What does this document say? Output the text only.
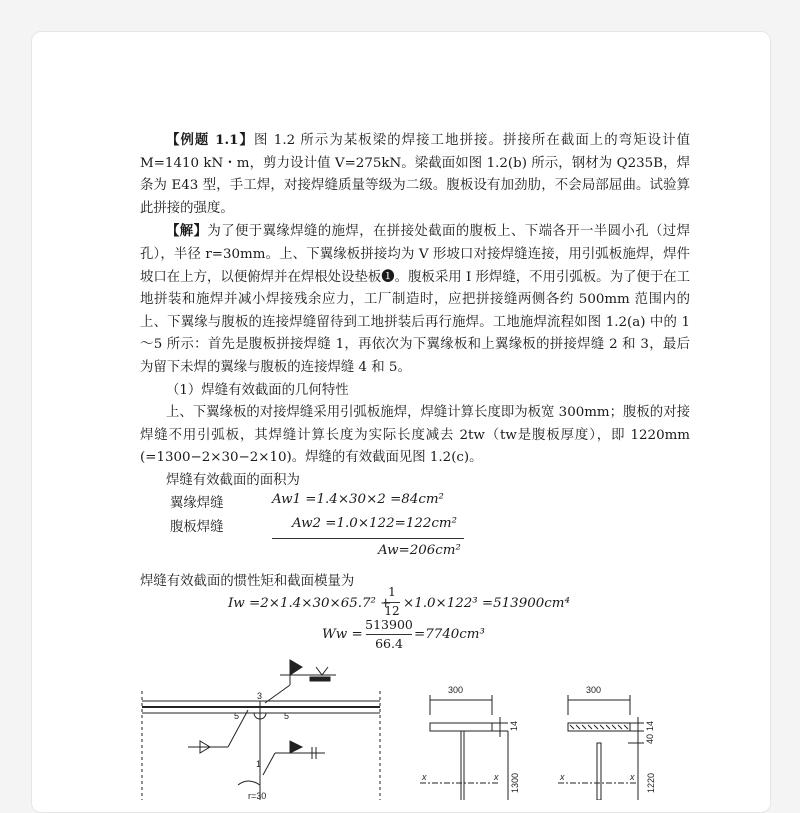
【例题 1.1】图 1.2 所示为某板梁的焊接工地拼接。拼接所在截面上的弯矩设计值 M=1410 kN・m，剪力设计值 V=275kN。梁截面如图 1.2(b) 所示，钢材为 Q235B，焊条为 E43 型，手工焊，对接焊缝质量等级为二级。腹板设有加劲肋，不会局部屈曲。试验算此拼接的强度。

【解】为了便于翼缘焊缝的施焊，在拼接处截面的腹板上、下端各开一半圆小孔（过焊孔），半径 r=30mm。上、下翼缘板拼接均为 V 形坡口对接焊缝连接，用引弧板施焊，焊件坡口在上方，以便俯焊并在焊根处设垫板❶。腹板采用 I 形焊缝，不用引弧板。为了便于在工地拼装和施焊并减小焊接残余应力，工厂制造时，应把拼接缝两侧各约 500mm 范围内的上、下翼缘与腹板的连接焊缝留待到工地拼装后再行施焊。工地施焊流程如图 1.2(a) 中的 1～5 所示：首先是腹板拼接焊缝 1，再依次为下翼缘板和上翼缘板的拼接焊缝 2 和 3，最后为留下未焊的翼缘与腹板的连接焊缝 4 和 5。

（1）焊缝有效截面的几何特性

上、下翼缘板的对接焊缝采用引弧板施焊，焊缝计算长度即为板宽 300mm；腹板的对接焊缝不用引弧板，其焊缝计算长度为实际长度减去 2tw（tw是腹板厚度），即 1220mm (=1300−2×30−2×10)。焊缝的有效截面见图 1.2(c)。

焊缝有效截面的面积为

翼缘焊缝	Aw1 =1.4×30×2 =84cm²
腹板焊缝	Aw2 =1.0×122=122cm²
Aw=206cm²
焊缝有效截面的惯性矩和截面模量为
Iw =2×1.4×30×65.7² +
1
12 ×1.0×122³ =513900cm⁴
Ww =
513900
66.4
=7740cm³
3
5	5
1
r=30
300	300
14	14
40
1300	1220
x	x	x	x
